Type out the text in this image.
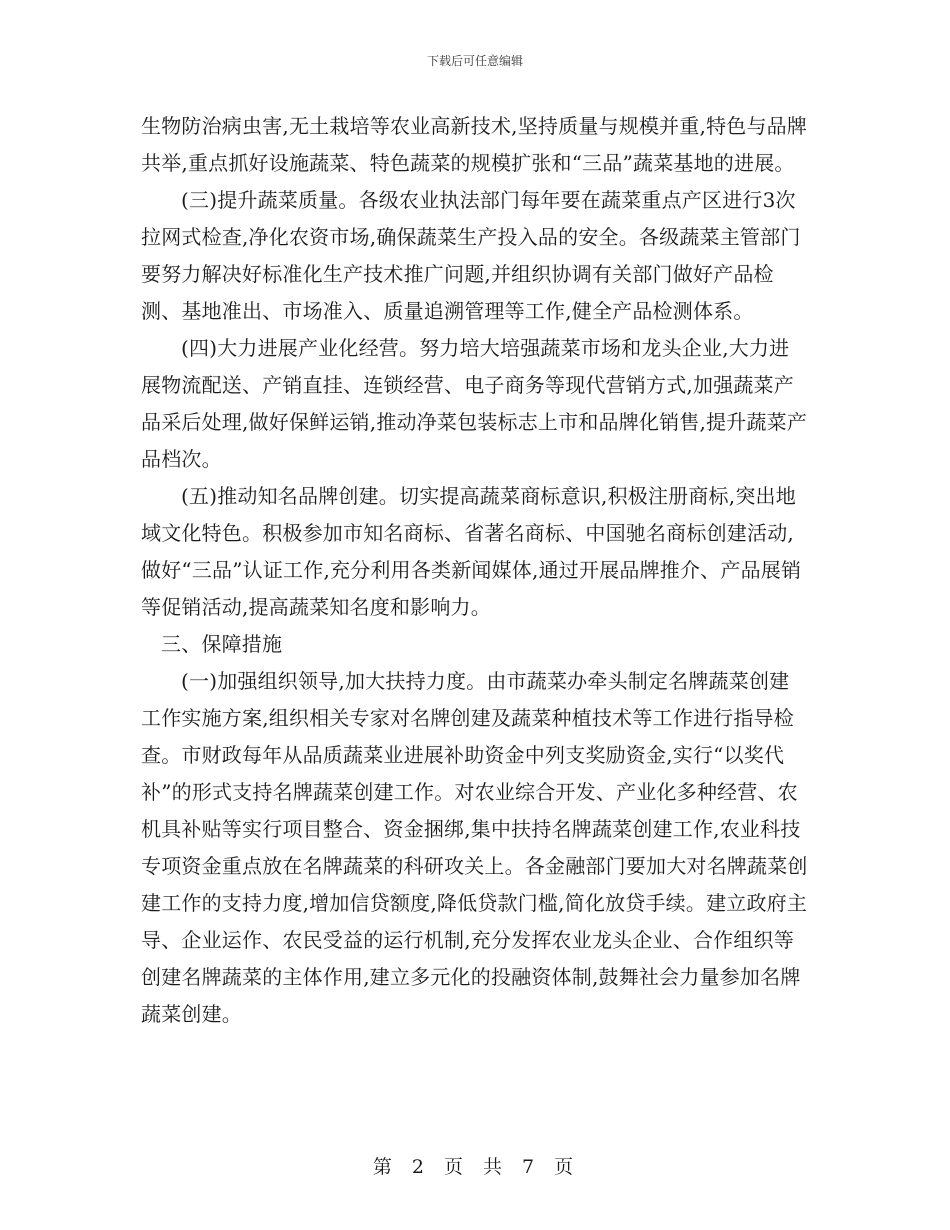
下载后可任意编辑

生物防治病虫害,无土栽培等农业高新技术,坚持质量与规模并重,特色与品牌共举,重点抓好设施蔬菜、特色蔬菜的规模扩张和“三品”蔬菜基地的进展。

(三)提升蔬菜质量。各级农业执法部门每年要在蔬菜重点产区进行3次拉网式检查,净化农资市场,确保蔬菜生产投入品的安全。各级蔬菜主管部门要努力解决好标准化生产技术推广问题,并组织协调有关部门做好产品检测、基地准出、市场准入、质量追溯管理等工作,健全产品检测体系。

(四)大力进展产业化经营。努力培大培强蔬菜市场和龙头企业,大力进展物流配送、产销直挂、连锁经营、电子商务等现代营销方式,加强蔬菜产品采后处理,做好保鲜运销,推动净菜包装标志上市和品牌化销售,提升蔬菜产品档次。

(五)推动知名品牌创建。切实提高蔬菜商标意识,积极注册商标,突出地域文化特色。积极参加市知名商标、省著名商标、中国驰名商标创建活动,做好“三品”认证工作,充分利用各类新闻媒体,通过开展品牌推介、产品展销等促销活动,提高蔬菜知名度和影响力。

三、保障措施

(一)加强组织领导,加大扶持力度。由市蔬菜办牵头制定名牌蔬菜创建工作实施方案,组织相关专家对名牌创建及蔬菜种植技术等工作进行指导检查。市财政每年从品质蔬菜业进展补助资金中列支奖励资金,实行“以奖代补”的形式支持名牌蔬菜创建工作。对农业综合开发、产业化多种经营、农机具补贴等实行项目整合、资金捆绑,集中扶持名牌蔬菜创建工作,农业科技专项资金重点放在名牌蔬菜的科研攻关上。各金融部门要加大对名牌蔬菜创建工作的支持力度,增加信贷额度,降低贷款门槛,简化放贷手续。建立政府主导、企业运作、农民受益的运行机制,充分发挥农业龙头企业、合作组织等创建名牌蔬菜的主体作用,建立多元化的投融资体制,鼓舞社会力量参加名牌蔬菜创建。

第 2 页 共 7 页
